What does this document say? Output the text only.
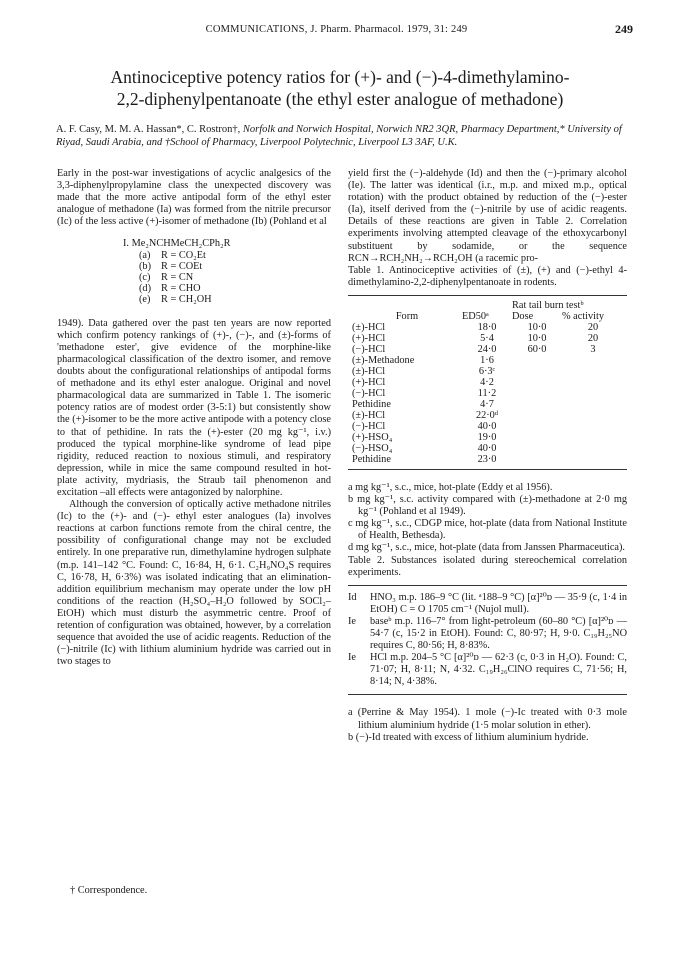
COMMUNICATIONS, J. Pharm. Pharmacol. 1979, 31: 249	249
Antinociceptive potency ratios for (+)- and (−)-4-dimethylamino-
2,2-diphenylpentanoate (the ethyl ester analogue of methadone)
A. F. Casy, M. M. A. Hassan*, C. Rostron†, Norfolk and Norwich Hospital, Norwich NR2 3QR, Pharmacy Department,* University of Riyad, Saudi Arabia, and †School of Pharmacy, Liverpool Polytechnic, Liverpool L3 3AF, U.K.

Early in the post-war investigations of acyclic analgesics of the 3,3-diphenylpropylamine class the unexpected discovery was made that the more active antipodal form of the ethyl ester analogue of methadone (Ia) was formed from the nitrile precursor (Ic) of the less active (+)-isomer of methadone (Ib) (Pohland et al

I. Me₂NCHMeCH₂CPh₂R
(a)	R = CO₂Et
(b) R = COEt
(c)	R = CN
(d) R = CHO
(e)	R = CH₂OH

1949). Data gathered over the past ten years are now reported which confirm potency rankings of (+)-, (−)-, and (±)-forms of 'methadone ester', give evidence of the morphine-like pharmacological classification of the dextro isomer, and remove doubts about the configurational relationships of antipodal forms of methadone and its ethyl ester analogue. Original and novel pharmacological data are summarized in Table 1. The isomeric potency ratios are of modest order (3-5:1) but consistently show the (+)-isomer to be the more active antipode with a potency close to that of pethidine. In rats the (+)-ester (20 mg kg⁻¹, i.v.) produced the typical morphine-like syndrome of lead pipe rigidity, reduced reaction to noxious stimuli, and respiratory depression, while in mice the same compound resulted in hot-plate activity, mydriasis, the Straub tail phenomenon and excitation –all effects were antagonized by nalorphine.

Although the conversion of optically active methadone nitriles (Ic) to the (+)- and (−)- ethyl ester analogues (Ia) involves reactions at carbon functions remote from the chiral centre, the possibility of configurational change may not be excluded entirely. In one preparative run, dimethylamine hydrogen sulphate (m.p. 141–142 °C. Found: C, 16·84, H, 6·1. C₂H₉NO₄S requires C, 16·78, H, 6·3%) was isolated indicating that an elimination-addition equilibrium mechanism may operate under the low pH conditions of the reaction (H₂SO₄–H₂O followed by SOCl₂–EtOH) which must disturb the asymmetric centre. Proof of retention of configuration was obtained, however, by a correlation sequence that avoided the use of acidic reagents. Reduction of the (−)-nitrile (Ic) with lithium aluminium hydride was carried out in two stages to

† Correspondence.

yield first the (−)-aldehyde (Id) and then the (−)-primary alcohol (Ie). The latter was identical (i.r., m.p. and mixed m.p., optical rotation) with the product obtained by reduction of the (−)-ester (Ia), itself derived from the (−)-nitrile by use of acidic reagents. Details of these reactions are given in Table 2. Correlation experiments involving attempted cleavage of the ethoxycarbonyl substituent by sodamide, or the sequence RCN→RCH₂NH₂→RCH₂OH (a racemic pro-

Table 1. Antinociceptive activities of (±), (+) and (−)-ethyl 4-dimethylamino-2,2-diphenylpentanoate in rodents.

		Rat tail burn testᵇ	
Form	ED50ᵃ	Dose	% activity
(±)-HCl	18·0	10·0	20
(+)-HCl	5·4	10·0	20
(−)-HCl	24·0	60·0	3
(±)-Methadone	1·6		
(±)-HCl	6·3ᶜ		
(+)-HCl	4·2		
(−)-HCl	11·2		
Pethidine	4·7		
(±)-HCl	22·0ᵈ		
(−)-HCl	40·0		
(+)-HSO₄	19·0		
(−)-HSO₄	40·0		
Pethidine	23·0		

a mg kg⁻¹, s.c., mice, hot-plate (Eddy et al 1956).

b mg kg⁻¹, s.c. activity compared with (±)-methadone at 2·0 mg kg⁻¹ (Pohland et al 1949).

c mg kg⁻¹, s.c., CDGP mice, hot-plate (data from National Institute of Health, Bethesda).

d mg kg⁻¹, s.c., mice, hot-plate (data from Janssen Pharmaceutica).

Table 2. Substances isolated during stereochemical correlation experiments.

Id	HNO₃ m.p. 186–9 °C (lit. ᵃ188–9 °C) [α]²⁰ᴅ — 35·9 (c, 1·4 in EtOH) C = O 1705 cm⁻¹ (Nujol mull).
Ie	baseᵇ m.p. 116–7° from light-petroleum (60–80 °C) [α]²⁰ᴅ — 54·7 (c, 15·2 in EtOH). Found: C, 80·97; H, 9·0. C₁₉H₂₅NO requires C, 80·56; H, 8·83%.
Ie	HCl m.p. 204–5 °C [α]²⁰ᴅ — 62·3 (c, 0·3 in H₂O). Found: C, 71·07; H, 8·11; N, 4·32. C₁₉H₂₆ClNO requires C, 71·56; H, 8·14; N, 4·38%.

a (Perrine & May 1954). 1 mole (−)-Ic treated with 0·3 mole lithium aluminium hydride (1·5 molar solution in ether).

b (−)-Id treated with excess of lithium aluminium hydride.
